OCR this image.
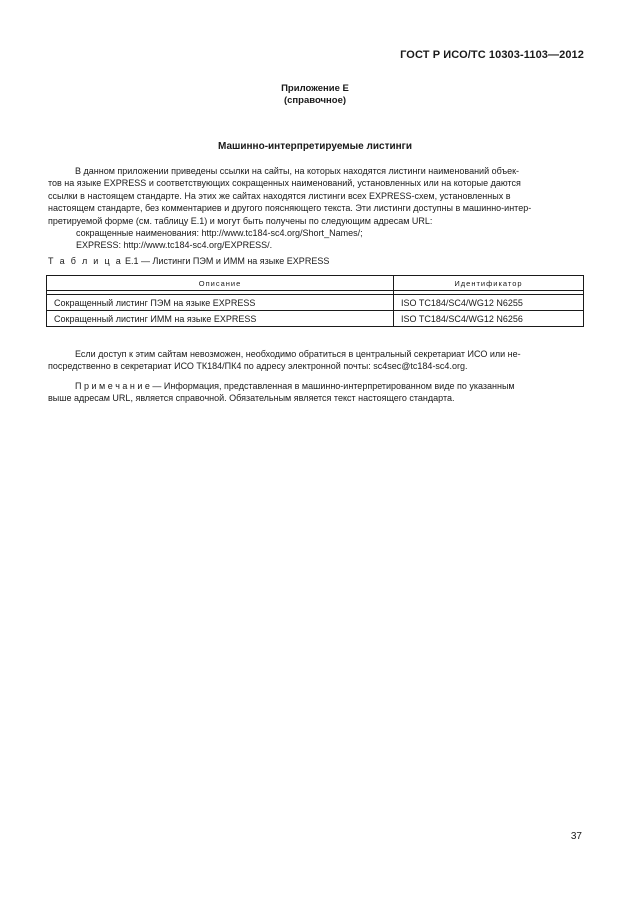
ГОСТ Р ИСО/ТС 10303-1103—2012
Приложение Е
(справочное)
Машинно-интерпретируемые листинги
В данном приложении приведены ссылки на сайты, на которых находятся листинги наименований объек-
тов на языке EXPRESS и соответствующих сокращенных наименований, установленных или на которые даются
ссылки в настоящем стандарте. На этих же сайтах находятся листинги всех EXPRESS-схем, установленных в
настоящем стандарте, без комментариев и другого поясняющего текста. Эти листинги доступны в машинно-интер-
претируемой форме (см. таблицу Е.1) и могут быть получены по следующим адресам URL:
сокращенные наименования: http://www.tc184-sc4.org/Short_Names/;
EXPRESS: http://www.tc184-sc4.org/EXPRESS/.
Т а б л и ц а Е.1 — Листинги ПЭМ и ИММ на языке EXPRESS
Описание	Идентификатор

Сокращенный листинг ПЭМ на языке EXPRESS	ISO TC184/SC4/WG12 N6255
Сокращенный листинг ИММ на языке EXPRESS	ISO TC184/SC4/WG12 N6256
Если доступ к этим сайтам невозможен, необходимо обратиться в центральный секретариат ИСО или не-
посредственно в секретариат ИСО ТК184/ПК4 по адресу электронной почты: sc4sec@tc184-sc4.org.
П р и м е ч а н и е — Информация, представленная в машинно-интерпретированном виде по указанным
выше адресам URL, является справочной. Обязательным является текст настоящего стандарта.
37
